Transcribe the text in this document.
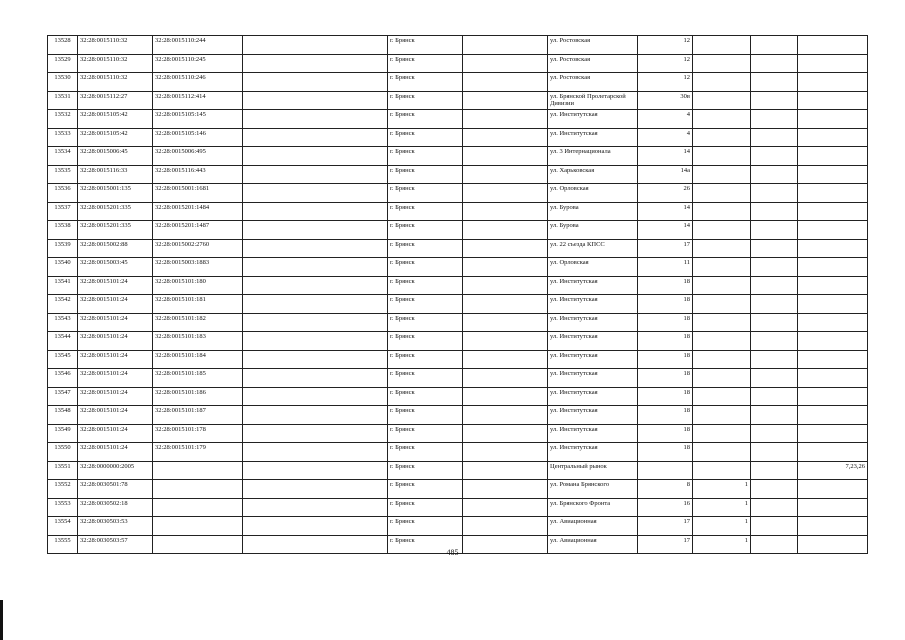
13528	32:28:0015110:32	32:28:0015110:244		г. Брянск		ул. Ростовская	12			
13529	32:28:0015110:32	32:28:0015110:245		г. Брянск		ул. Ростовская	12			
13530	32:28:0015110:32	32:28:0015110:246		г. Брянск		ул. Ростовская	12			
13531	32:28:0015112:27	32:28:0015112:414		г. Брянск		ул. Брянской Пролетарской Дивизии	30в			
13532	32:28:0015105:42	32:28:0015105:145		г. Брянск		ул. Институтская	4			
13533	32:28:0015105:42	32:28:0015105:146		г. Брянск		ул. Институтская	4			
13534	32:28:0015006:45	32:28:0015006:495		г. Брянск		ул. 3 Интернационала	14			
13535	32:28:0015116:33	32:28:0015116:443		г. Брянск		ул. Харьковская	14а			
13536	32:28:0015001:135	32:28:0015001:1681		г. Брянск		ул. Орловская	26			
13537	32:28:0015201:335	32:28:0015201:1484		г. Брянск		ул. Бурова	14			
13538	32:28:0015201:335	32:28:0015201:1487		г. Брянск		ул. Бурова	14			
13539	32:28:0015002:88	32:28:0015002:2760		г. Брянск		ул. 22 съезда КПСС	17			
13540	32:28:0015003:45	32:28:0015003:1883		г. Брянск		ул. Орловская	11			
13541	32:28:0015101:24	32:28:0015101:180		г. Брянск		ул. Институтская	18			
13542	32:28:0015101:24	32:28:0015101:181		г. Брянск		ул. Институтская	18			
13543	32:28:0015101:24	32:28:0015101:182		г. Брянск		ул. Институтская	18			
13544	32:28:0015101:24	32:28:0015101:183		г. Брянск		ул. Институтская	18			
13545	32:28:0015101:24	32:28:0015101:184		г. Брянск		ул. Институтская	18			
13546	32:28:0015101:24	32:28:0015101:185		г. Брянск		ул. Институтская	18			
13547	32:28:0015101:24	32:28:0015101:186		г. Брянск		ул. Институтская	18			
13548	32:28:0015101:24	32:28:0015101:187		г. Брянск		ул. Институтская	18			
13549	32:28:0015101:24	32:28:0015101:178		г. Брянск		ул. Институтская	18			
13550	32:28:0015101:24	32:28:0015101:179		г. Брянск		ул. Институтская	18			
13551	32:28:0000000:2005			г. Брянск		Центральный рынок				7,23,26
13552	32:28:0030501:78			г. Брянск		ул. Романа Брянского	8	1		
13553	32:28:0030502:18			г. Брянск		ул. Брянского Фронта	16	1		
13554	32:28:0030503:53			г. Брянск		ул. Авиационная	17	1		
13555	32:28:0030503:57			г. Брянск		ул. Авиационная	17	1		
485
